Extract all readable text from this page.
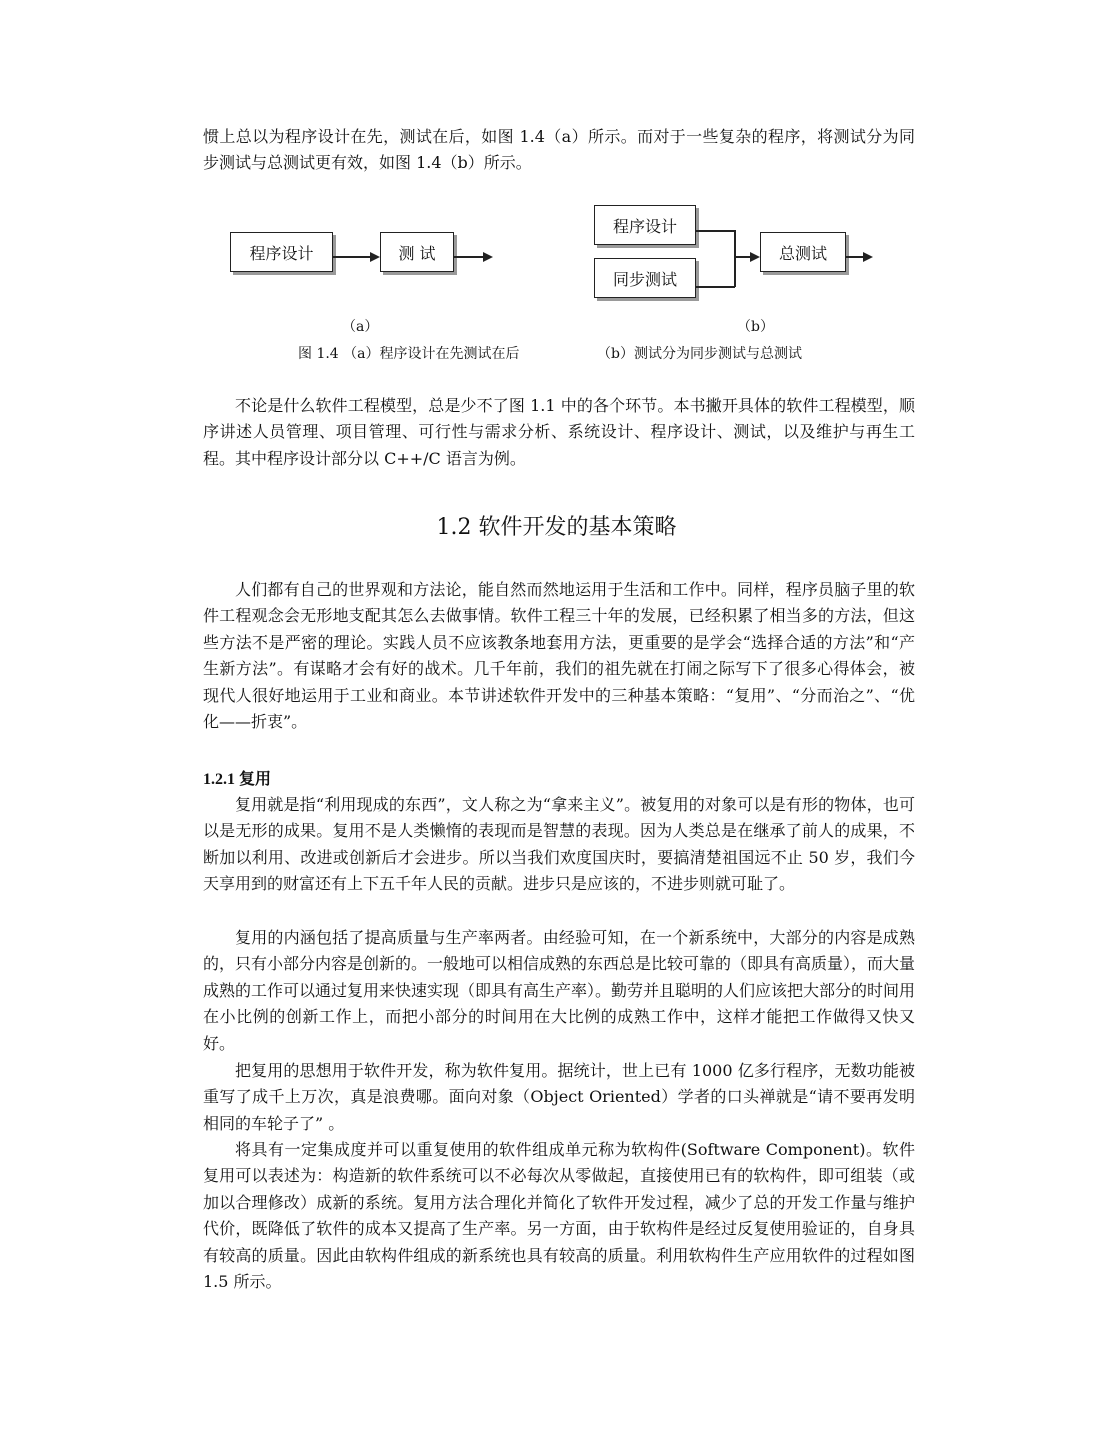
惯上总以为程序设计在先，测试在后，如图 1.4（a）所示。而对于一些复杂的程序，将测试分为同步测试与总测试更有效，如图 1.4（b）所示。

程序设计	测 试
（a）
程序设计
同步测试
总测试
（b）
图 1.4 （a）程序设计在先测试在后	（b）测试分为同步测试与总测试

不论是什么软件工程模型，总是少不了图 1.1 中的各个环节。本书撇开具体的软件工程模型，顺序讲述人员管理、项目管理、可行性与需求分析、系统设计、程序设计、测试，以及维护与再生工程。其中程序设计部分以 C++/C 语言为例。

1.2 软件开发的基本策略

人们都有自己的世界观和方法论，能自然而然地运用于生活和工作中。同样，程序员脑子里的软件工程观念会无形地支配其怎么去做事情。软件工程三十年的发展，已经积累了相当多的方法，但这些方法不是严密的理论。实践人员不应该教条地套用方法，更重要的是学会“选择合适的方法”和“产生新方法”。有谋略才会有好的战术。几千年前，我们的祖先就在打闹之际写下了很多心得体会，被现代人很好地运用于工业和商业。本节讲述软件开发中的三种基本策略：“复用”、“分而治之”、“优化——折衷”。

1.2.1 复用

复用就是指“利用现成的东西”，文人称之为“拿来主义”。被复用的对象可以是有形的物体，也可以是无形的成果。复用不是人类懒惰的表现而是智慧的表现。因为人类总是在继承了前人的成果，不断加以利用、改进或创新后才会进步。所以当我们欢度国庆时，要搞清楚祖国远不止 50 岁，我们今天享用到的财富还有上下五千年人民的贡献。进步只是应该的，不进步则就可耻了。

复用的内涵包括了提高质量与生产率两者。由经验可知，在一个新系统中，大部分的内容是成熟的，只有小部分内容是创新的。一般地可以相信成熟的东西总是比较可靠的（即具有高质量），而大量成熟的工作可以通过复用来快速实现（即具有高生产率）。勤劳并且聪明的人们应该把大部分的时间用在小比例的创新工作上，而把小部分的时间用在大比例的成熟工作中，这样才能把工作做得又快又好。

把复用的思想用于软件开发，称为软件复用。据统计，世上已有 1000 亿多行程序，无数功能被重写了成千上万次，真是浪费哪。面向对象（Object Oriented）学者的口头禅就是“请不要再发明相同的车轮子了” 。

将具有一定集成度并可以重复使用的软件组成单元称为软构件(Software Component)。软件复用可以表述为：构造新的软件系统可以不必每次从零做起，直接使用已有的软构件，即可组装（或加以合理修改）成新的系统。复用方法合理化并简化了软件开发过程，减少了总的开发工作量与维护代价，既降低了软件的成本又提高了生产率。另一方面，由于软构件是经过反复使用验证的，自身具有较高的质量。因此由软构件组成的新系统也具有较高的质量。利用软构件生产应用软件的过程如图 1.5 所示。
